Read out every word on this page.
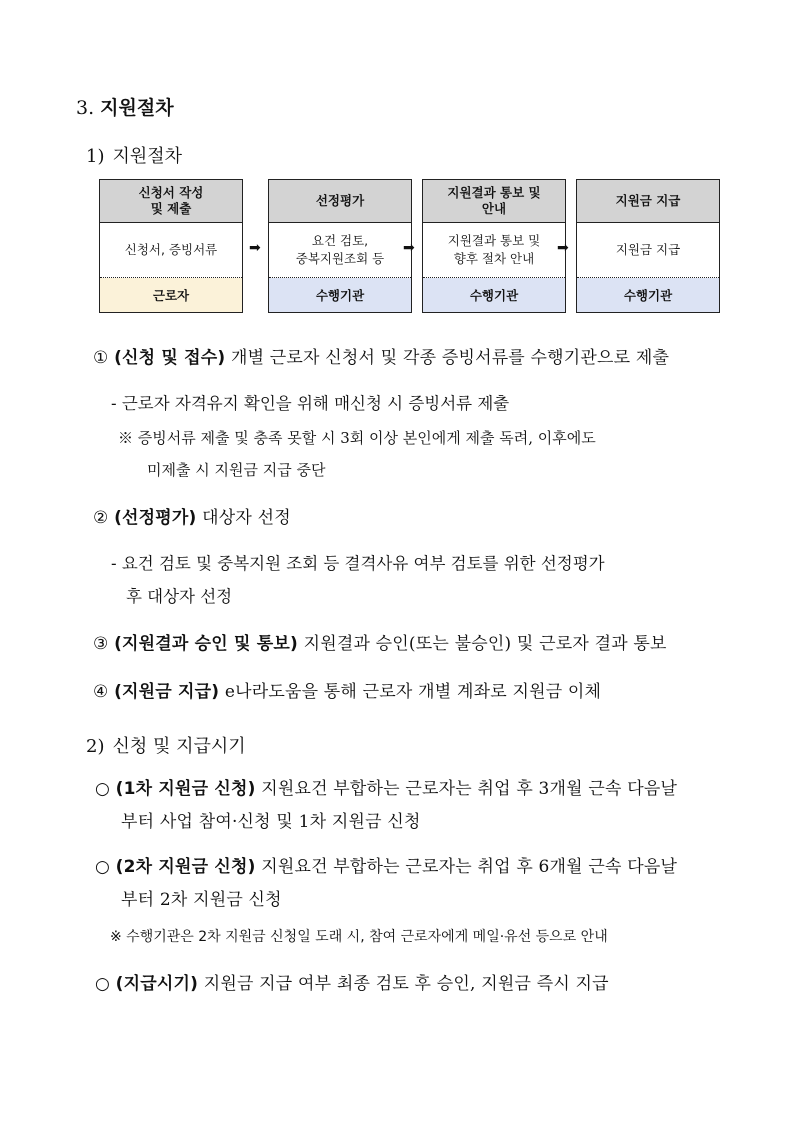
3. 지원절차
1) 지원절차
신청서 작성
및 제출
신청서, 증빙서류
근로자
➡
선정평가
요건 검토,
중복지원조회 등
수행기관
➡
지원결과 통보 및
안내
지원결과 통보 및
향후 절차 안내
수행기관
➡
지원금 지급
지원금 지급
수행기관
① (신청 및 접수) 개별 근로자 신청서 및 각종 증빙서류를 수행기관으로 제출
- 근로자 자격유지 확인을 위해 매신청 시 증빙서류 제출
※ 증빙서류 제출 및 충족 못할 시 3회 이상 본인에게 제출 독려, 이후에도
미제출 시 지원금 지급 중단
② (선정평가) 대상자 선정
- 요건 검토 및 중복지원 조회 등 결격사유 여부 검토를 위한 선정평가
후 대상자 선정
③ (지원결과 승인 및 통보) 지원결과 승인(또는 불승인) 및 근로자 결과 통보
④ (지원금 지급) e나라도움을 통해 근로자 개별 계좌로 지원금 이체
2) 신청 및 지급시기
○ (1차 지원금 신청) 지원요건 부합하는 근로자는 취업 후 3개월 근속 다음날
부터 사업 참여·신청 및 1차 지원금 신청
○ (2차 지원금 신청) 지원요건 부합하는 근로자는 취업 후 6개월 근속 다음날
부터 2차 지원금 신청
※ 수행기관은 2차 지원금 신청일 도래 시, 참여 근로자에게 메일·유선 등으로 안내
○ (지급시기) 지원금 지급 여부 최종 검토 후 승인, 지원금 즉시 지급
